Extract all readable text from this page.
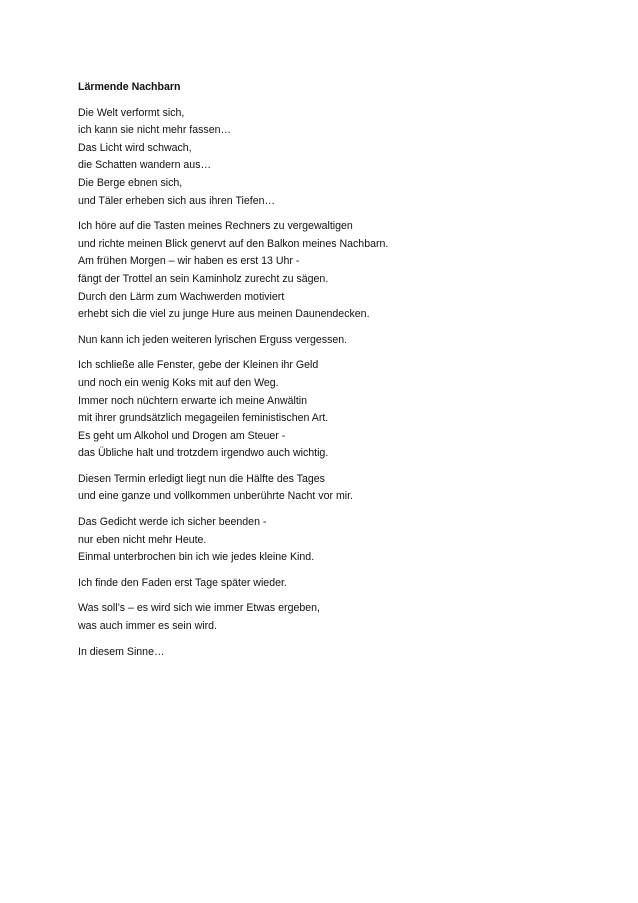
Lärmende Nachbarn
Die Welt verformt sich,
ich kann sie nicht mehr fassen…
Das Licht wird schwach,
die Schatten wandern aus…
Die Berge ebnen sich,
und Täler erheben sich aus ihren Tiefen…
Ich höre auf die Tasten meines Rechners zu vergewaltigen
und richte meinen Blick genervt auf den Balkon meines Nachbarn.
Am frühen Morgen – wir haben es erst 13 Uhr -
fängt der Trottel an sein Kaminholz zurecht zu sägen.
Durch den Lärm zum Wachwerden motiviert
erhebt sich die viel zu junge Hure aus meinen Daunendecken.
Nun kann ich jeden weiteren lyrischen Erguss vergessen.
Ich schließe alle Fenster, gebe der Kleinen ihr Geld
und noch ein wenig Koks mit auf den Weg.
Immer noch nüchtern erwarte ich meine Anwältin
mit ihrer grundsätzlich megageilen feministischen Art.
Es geht um Alkohol und Drogen am Steuer -
das Übliche halt und trotzdem irgendwo auch wichtig.
Diesen Termin erledigt liegt nun die Hälfte des Tages
und eine ganze und vollkommen unberührte Nacht vor mir.
Das Gedicht werde ich sicher beenden -
nur eben nicht mehr Heute.
Einmal unterbrochen bin ich wie jedes kleine Kind.
Ich finde den Faden erst Tage später wieder.
Was soll’s – es wird sich wie immer Etwas ergeben,
was auch immer es sein wird.
In diesem Sinne…
